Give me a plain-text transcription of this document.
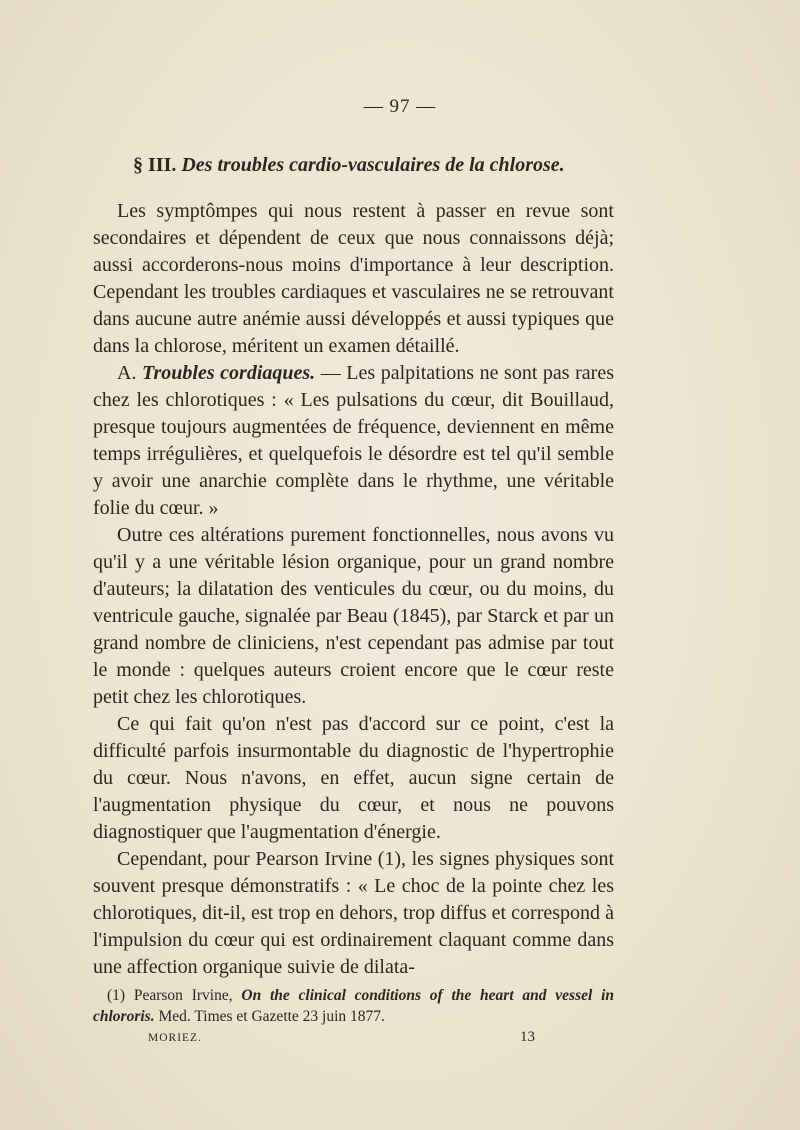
— 97 —
§ III. Des troubles cardio-vasculaires de la chlorose.

Les symptômpes qui nous restent à passer en revue sont secondaires et dépendent de ceux que nous connaissons déjà; aussi accorderons-nous moins d'importance à leur description. Cependant les troubles cardiaques et vasculaires ne se retrouvant dans aucune autre anémie aussi développés et aussi typiques que dans la chlorose, méritent un examen détaillé.

A. Troubles cordiaques. — Les palpitations ne sont pas rares chez les chlorotiques : « Les pulsations du cœur, dit Bouillaud, presque toujours augmentées de fréquence, deviennent en même temps irrégulières, et quelquefois le désordre est tel qu'il semble y avoir une anarchie complète dans le rhythme, une véritable folie du cœur. »

Outre ces altérations purement fonctionnelles, nous avons vu qu'il y a une véritable lésion organique, pour un grand nombre d'auteurs; la dilatation des venticules du cœur, ou du moins, du ventricule gauche, signalée par Beau (1845), par Starck et par un grand nombre de cliniciens, n'est cependant pas admise par tout le monde : quelques auteurs croient encore que le cœur reste petit chez les chlorotiques.

Ce qui fait qu'on n'est pas d'accord sur ce point, c'est la difficulté parfois insurmontable du diagnostic de l'hypertrophie du cœur. Nous n'avons, en effet, aucun signe certain de l'augmentation physique du cœur, et nous ne pouvons diagnostiquer que l'augmentation d'énergie.

Cependant, pour Pearson Irvine (1), les signes physiques sont souvent presque démonstratifs : « Le choc de la pointe chez les chlorotiques, dit-il, est trop en dehors, trop diffus et correspond à l'impulsion du cœur qui est ordinairement claquant comme dans une affection organique suivie de dilata-

(1) Pearson Irvine, On the clinical conditions of the heart and vessel in chlororis. Med. Times et Gazette 23 juin 1877.
MORIEZ.	13
